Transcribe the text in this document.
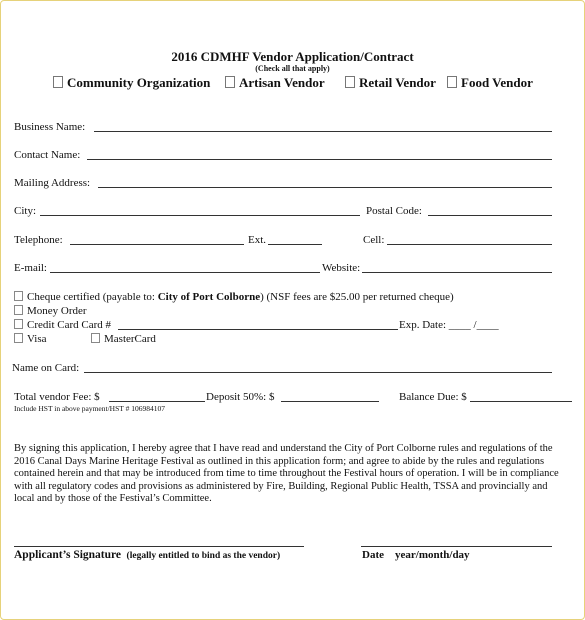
2016 CDMHF Vendor Application/Contract
(Check all that apply)
Community Organization	Artisan Vendor	Retail Vendor	Food Vendor
Business Name:
Contact Name:
Mailing Address:
City:	Postal Code:
Telephone:	Ext.	Cell:
E-mail:	Website:
Cheque certified (payable to: City of Port Colborne) (NSF fees are $25.00 per returned cheque)
Money Order
Credit Card Card #	Exp. Date: ____ /____
Visa	MasterCard
Name on Card:
Total vendor Fee: $	Deposit 50%: $	Balance Due: $
Include HST in above payment/HST # 106984107
By signing this application, I hereby agree that I have read and understand the City of Port Colborne rules and regulations of the
2016 Canal Days Marine Heritage Festival as outlined in this application form; and agree to abide by the rules and regulations
contained herein and that may be introduced from time to time throughout the Festival hours of operation. I will be in compliance
with all regulatory codes and provisions as administered by Fire, Building, Regional Public Health, TSSA and provincially and
local and by those of the Festival’s Committee.
Applicant’s Signature (legally entitled to bind as the vendor)	Date year/month/day
